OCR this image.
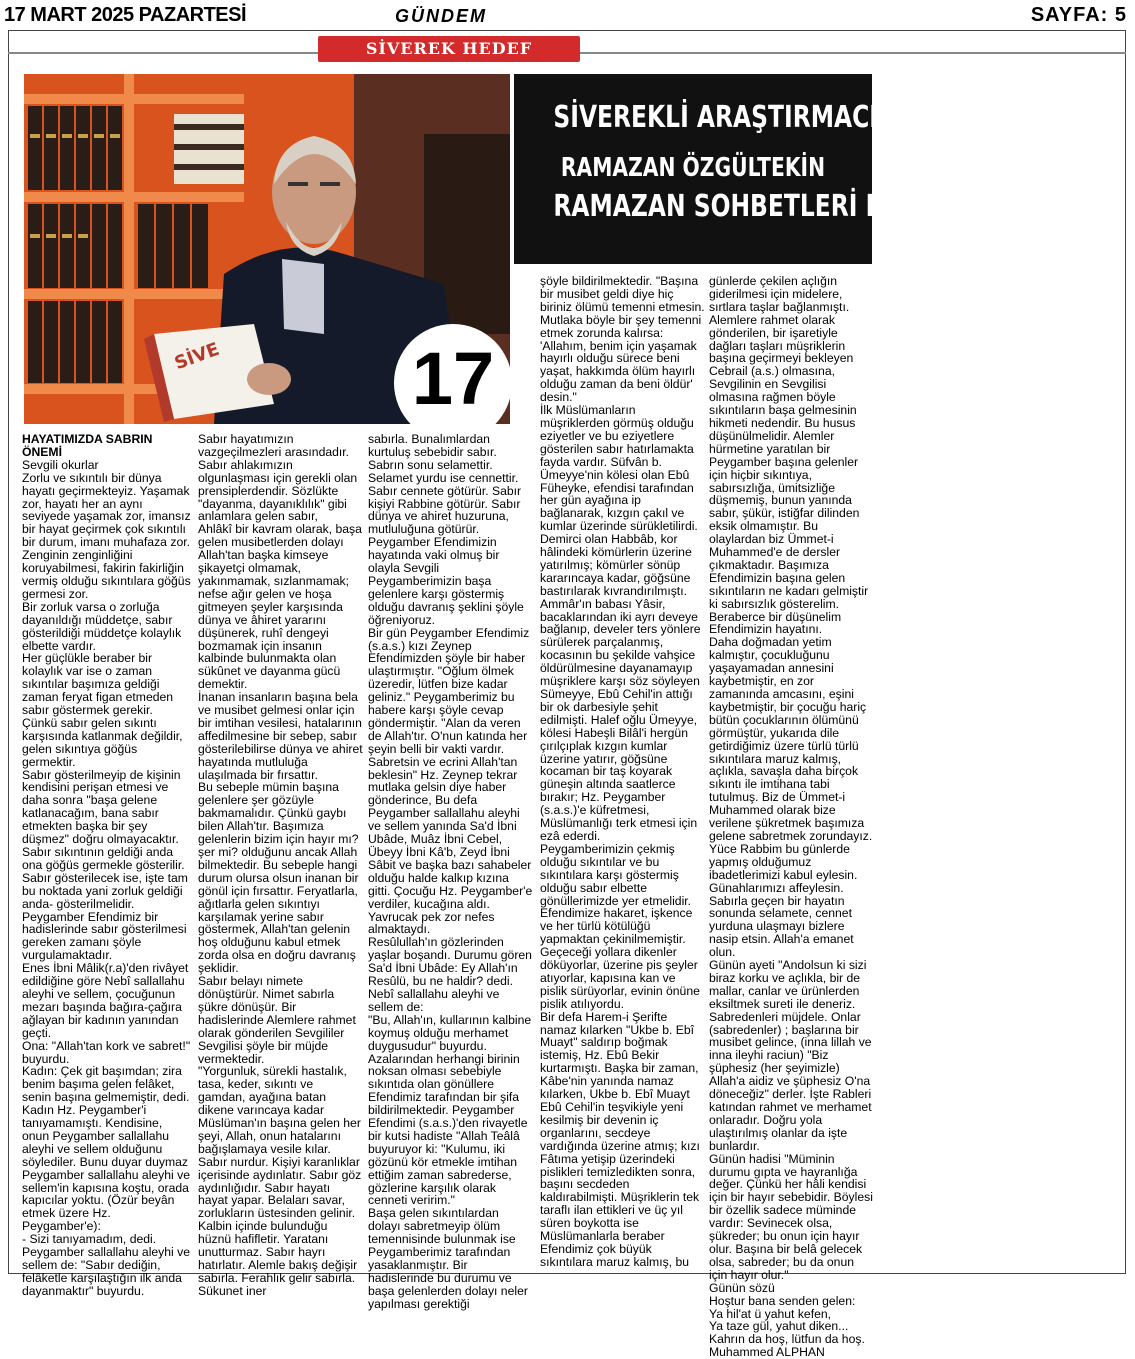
17 MART 2025 PAZARTESİ	GÜNDEM	SAYFA: 5
SİVEREK HEDEF
SİVE	17
SİVEREKLİ ARAŞTIRMACI YAZAR
RAMAZAN ÖZGÜLTEKİN
RAMAZAN SOHBETLERİ KÖŞESİ
HAYATIMIZDA SABRIN ÖNEMİ
Sevgili okurlar
Zorlu ve sıkıntılı bir dünya hayatı geçirmekteyiz. Yaşamak zor, hayatı her an aynı seviyede yaşamak zor, imansız bir hayat geçirmek çok sıkıntılı bir durum, imanı muhafaza zor. Zenginin zenginliğini koruyabilmesi, fakirin fakirliğin vermiş olduğu sıkıntılara göğüs germesi zor.
Bir zorluk varsa o zorluğa dayanıldığı müddetçe, sabır gösterildiği müddetçe kolaylık elbette vardır.
Her güçlükle beraber bir kolaylık var ise o zaman sıkıntılar başımıza geldiği zaman feryat figan etmeden sabır göstermek gerekir.
Çünkü sabır gelen sıkıntı karşısında katlanmak değildir, gelen sıkıntıya göğüs germektir.
Sabır gösterilmeyip de kişinin kendisini perişan etmesi ve daha sonra "başa gelene katlanacağım, bana sabır etmekten başka bir şey düşmez" doğru olmayacaktır. Sabır sıkıntının geldiği anda ona göğüs germekle gösterilir. Sabır gösterilecek ise, işte tam bu noktada yani zorluk geldiği anda- gösterilmelidir.
Peygamber Efendimiz bir hadislerinde sabır gösterilmesi gereken zamanı şöyle vurgulamaktadır.
Enes İbni Mâlik(r.a)'den rivâyet edildiğine göre Nebî sallallahu aleyhi ve sellem, çocuğunun mezarı başında bağıra-çağıra ağlayan bir kadının yanından geçti.
Ona: "Allah'tan kork ve sabret!" buyurdu.
Kadın: Çek git başımdan; zira benim başıma gelen felâket, senin başına gelmemiştir, dedi. Kadın Hz. Peygamber'i tanıyamamıştı. Kendisine, onun Peygamber sallallahu aleyhi ve sellem olduğunu söylediler. Bunu duyar duymaz Peygamber sallallahu aleyhi ve sellem'in kapısına koştu, orada kapıcılar yoktu. (Özür beyân etmek üzere Hz. Peygamber'e):
- Sizi tanıyamadım, dedi. Peygamber sallallahu aleyhi ve sellem de: "Sabır dediğin, felâketle karşılaştığın ilk anda dayanmaktır" buyurdu.
Sabır hayatımızın vazgeçilmezleri arasındadır. Sabır ahlakımızın olgunlaşması için gerekli olan prensiplerdendir. Sözlükte "dayanma, dayanıklılık" gibi anlamlara gelen sabır,
Ahlâkî bir kavram olarak, başa gelen musibetlerden dolayı Allah'tan başka kimseye şikayetçi olmamak, yakınmamak, sızlanmamak; nefse ağır gelen ve hoşa gitmeyen şeyler karşısında dünya ve âhiret yararını düşünerek, ruhî dengeyi bozmamak için insanın kalbinde bulunmakta olan sükûnet ve dayanma gücü demektir.
İnanan insanların başına bela ve musibet gelmesi onlar için bir imtihan vesilesi, hatalarının affedilmesine bir sebep, sabır gösterilebilirse dünya ve ahiret hayatında mutluluğa ulaşılmada bir fırsattır.
Bu sebeple mümin başına gelenlere şer gözüyle bakmamalıdır. Çünkü gaybı bilen Allah'tır. Başımıza gelenlerin bizim için hayır mı? şer mi? olduğunu ancak Allah bilmektedir. Bu sebeple hangi durum olursa olsun inanan bir gönül için fırsattır. Feryatlarla, ağıtlarla gelen sıkıntıyı karşılamak yerine sabır göstermek, Allah'tan gelenin hoş olduğunu kabul etmek zorda olsa en doğru davranış şeklidir.
Sabır belayı nimete dönüştürür. Nimet sabırla şükre dönüşür. Bir hadislerinde Alemlere rahmet olarak gönderilen Sevgililer Sevgilisi şöyle bir müjde vermektedir.
"Yorgunluk, sürekli hastalık, tasa, keder, sıkıntı ve gamdan, ayağına batan dikene varıncaya kadar Müslüman'ın başına gelen her şeyi, Allah, onun hatalarını bağışlamaya vesile kılar.
Sabır nurdur. Kişiyi karanlıklar içerisinde aydınlatır. Sabır göz aydınlığıdır. Sabır hayatı hayat yapar. Belaları savar, zorlukların üstesinden gelinir. Kalbin içinde bulunduğu hüznü hafifletir. Yaratanı unutturmaz. Sabır hayrı hatırlatır. Alemle bakış değişir sabırla. Ferahlık gelir sabırla. Sükunet iner
sabırla. Bunalımlardan kurtuluş sebebidir sabır. Sabrın sonu selamettir. Selamet yurdu ise cennettir. Sabır cennete götürür. Sabır kişiyi Rabbine götürür. Sabır dünya ve ahiret huzuruna, mutluluğuna götürür.
Peygamber Efendimizin hayatında vaki olmuş bir olayla Sevgili Peygamberimizin başa gelenlere karşı göstermiş olduğu davranış şeklini şöyle öğreniyoruz.
Bir gün Peygamber Efendimiz (s.a.s.) kızı Zeynep Efendimizden şöyle bir haber ulaştırmıştır. "Oğlum ölmek üzeredir, lütfen bize kadar geliniz." Peygamberimiz bu habere karşı şöyle cevap göndermiştir. "Alan da veren de Allah'tır. O'nun katında her şeyin belli bir vakti vardır. Sabretsin ve ecrini Allah'tan beklesin" Hz. Zeynep tekrar mutlaka gelsin diye haber gönderince, Bu defa Peygamber sallallahu aleyhi ve sellem yanında Sa'd İbni Ubâde, Muâz İbni Cebel, Übeyy İbni Kâ'b, Zeyd İbni Sâbit ve başka bazı sahabeler olduğu halde kalkıp kızına gitti. Çocuğu Hz. Peygamber'e verdiler, kucağına aldı. Yavrucak pek zor nefes almaktaydı.
Resûlullah'ın gözlerinden yaşlar boşandı. Durumu gören Sa'd İbni Ubâde: Ey Allah'ın Resûlü, bu ne haldir? dedi. Nebî sallallahu aleyhi ve sellem de:
"Bu, Allah'ın, kullarının kalbine koymuş olduğu merhamet duygusudur" buyurdu.
Azalarından herhangi birinin noksan olması sebebiyle sıkıntıda olan gönüllere Efendimiz tarafından bir şifa bildirilmektedir. Peygamber Efendimi (s.a.s.)'den rivayetle bir kutsi hadiste "Allah Teâlâ buyuruyor ki: "Kulumu, iki gözünü kör etmekle imtihan ettiğim zaman sabrederse, gözlerine karşılık olarak cenneti veririm."
Başa gelen sıkıntılardan dolayı sabretmeyip ölüm temennisinde bulunmak ise Peygamberimiz tarafından yasaklanmıştır. Bir hadislerinde bu durumu ve başa gelenlerden dolayı neler yapılması gerektiği
şöyle bildirilmektedir. "Başına bir musibet geldi diye hiç biriniz ölümü temenni etmesin. Mutlaka böyle bir şey temenni etmek zorunda kalırsa: 'Allahım, benim için yaşamak hayırlı olduğu sürece beni yaşat, hakkımda ölüm hayırlı olduğu zaman da beni öldür' desin."
İlk Müslümanların müşriklerden görmüş olduğu eziyetler ve bu eziyetlere gösterilen sabır hatırlamakta fayda vardır. Süfvân b. Ümeyye'nin kölesi olan Ebû Füheyke, efendisi tarafından her gün ayağına ip bağlanarak, kızgın çakıl ve kumlar üzerinde sürükletilirdi. Demirci olan Habbâb, kor hâlindeki kömürlerin üzerine yatırılmış; kömürler sönüp kararıncaya kadar, göğsüne bastırılarak kıvrandırılmıştı. Ammâr'ın babası Yâsir, bacaklarından iki ayrı deveye bağlanıp, develer ters yönlere sürülerek parçalanmış, kocasının bu şekilde vahşice öldürülmesine dayanamayıp müşriklere karşı söz söyleyen Sümeyye, Ebû Cehil'in attığı bir ok darbesiyle şehit edilmişti. Halef oğlu Ümeyye, kölesi Habeşli Bilâl'i hergün çırılçıplak kızgın kumlar üzerine yatırır, göğsüne kocaman bir taş koyarak güneşin altında saatlerce bırakır; Hz. Peygamber (s.a.s.)'e küfretmesi, Müslümanlığı terk etmesi için ezâ ederdi.
Peygamberimizin çekmiş olduğu sıkıntılar ve bu sıkıntılara karşı göstermiş olduğu sabır elbette gönüllerimizde yer etmelidir. Efendimize hakaret, işkence ve her türlü kötülüğü yapmaktan çekinilmemiştir. Geçeceği yollara dikenler döküyorlar, üzerine pis şeyler atıyorlar, kapısına kan ve pislik sürüyorlar, evinin önüne pislik atılıyordu.
Bir defa Harem-i Şerifte namaz kılarken "Ukbe b. Ebî Muayt" saldırıp boğmak istemiş, Hz. Ebû Bekir kurtarmıştı. Başka bir zaman, Kâbe'nin yanında namaz kılarken, Ukbe b. Ebî Muayt Ebû Cehil'in teşvikiyle yeni kesilmiş bir devenin iç organlarını, secdeye vardığında üzerine atmış; kızı Fâtıma yetişip üzerindeki pislikleri temizledikten sonra, başını secdeden kaldırabilmişti. Müşriklerin tek taraflı ilan ettikleri ve üç yıl süren boykotta ise Müslümanlarla beraber Efendimiz çok büyük sıkıntılara maruz kalmış, bu
günlerde çekilen açlığın giderilmesi için midelere, sırtlara taşlar bağlanmıştı.
Alemlere rahmet olarak gönderilen, bir işaretiyle dağları taşları müşriklerin başına geçirmeyi bekleyen Cebrail (a.s.) olmasına, Sevgilinin en Sevgilisi olmasına rağmen böyle sıkıntıların başa gelmesinin hikmeti nedendir. Bu husus düşünülmelidir. Alemler hürmetine yaratılan bir Peygamber başına gelenler için hiçbir sıkıntıya, sabırsızlığa, ümitsizliğe düşmemiş, bunun yanında sabır, şükür, istiğfar dilinden eksik olmamıştır. Bu olaylardan biz Ümmet-i Muhammed'e de dersler çıkmaktadır. Başımıza Efendimizin başına gelen sıkıntıların ne kadarı gelmiştir ki sabırsızlık gösterelim. Beraberce bir düşünelim Efendimizin hayatını.
Daha doğmadan yetim kalmıştır, çocukluğunu yaşayamadan annesini kaybetmiştir, en zor zamanında amcasını, eşini kaybetmiştir, bir çocuğu hariç bütün çocuklarının ölümünü görmüştür, yukarıda dile getirdiğimiz üzere türlü türlü sıkıntılara maruz kalmış, açlıkla, savaşla daha birçok sıkıntı ile imtihana tabi tutulmuş. Biz de Ümmet-i Muhammed olarak bize verilene şükretmek başımıza gelene sabretmek zorundayız.
Yüce Rabbim bu günlerde yapmış olduğumuz ibadetlerimizi kabul eylesin. Günahlarımızı affeylesin. Sabırla geçen bir hayatın sonunda selamete, cennet yurduna ulaşmayı bizlere nasip etsin. Allah'a emanet olun.
Günün ayeti "Andolsun ki sizi biraz korku ve açlıkla, bir de mallar, canlar ve ürünlerden eksiltmek sureti ile deneriz. Sabredenleri müjdele. Onlar (sabredenler) ; başlarına bir musibet gelince, (inna lillah ve inna ileyhi raciun) "Biz şüphesiz (her şeyimizle) Allah'a aidiz ve şüphesiz O'na döneceğiz" derler. İşte Rableri katından rahmet ve merhamet onlaradır. Doğru yola ulaştırılmış olanlar da işte bunlardır.
Günün hadisi "Müminin durumu gıpta ve hayranlığa değer. Çünkü her hâli kendisi için bir hayır sebebidir. Böylesi bir özellik sadece müminde vardır: Sevinecek olsa, şükreder; bu onun için hayır olur. Başına bir belâ gelecek olsa, sabreder; bu da onun için hayır olur."
Günün sözü
Hoştur bana senden gelen:
Ya hil'at ü yahut kefen,
Ya taze gül, yahut diken...
Kahrın da hoş, lütfun da hoş.
Muhammed ALPHAN
